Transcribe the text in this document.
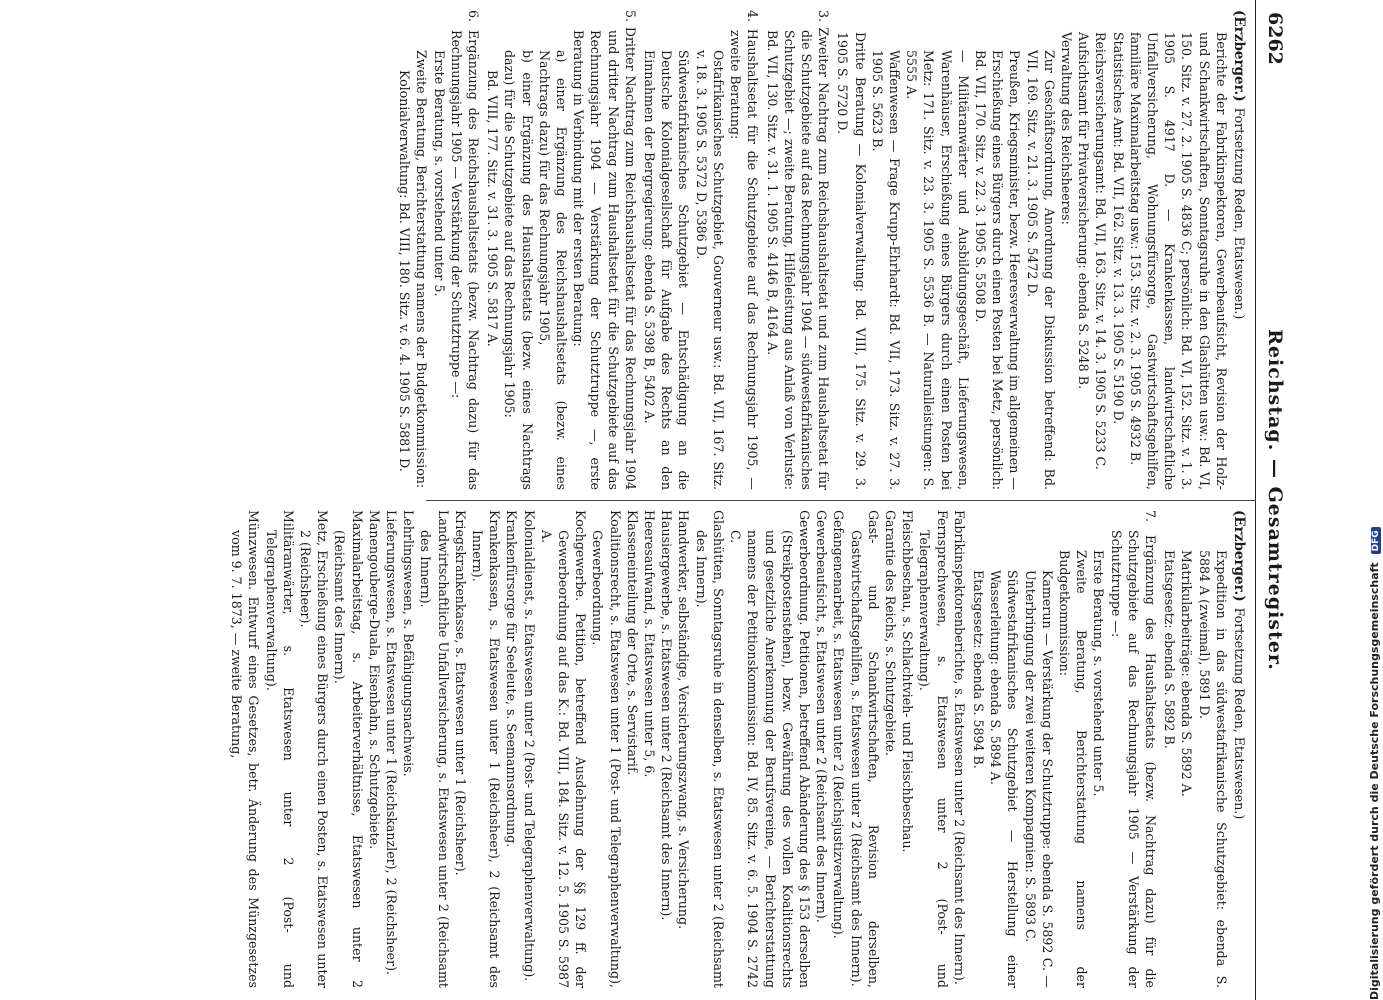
6262
Reichstag. — Gesamtregister.

(Erzberger.)Fortsetzung Reden, Etatswesen.)

Berichte der Fabrikinspektoren, Gewerbeaufsicht, Revision der Holz- und Schankwirtschaften, Sonntagsruhe in den Glashütten usw.: Bd. VI, 150. Sitz. v. 27. 2. 1905 S. 4836 C; persönlich: Bd. VI, 152. Sitz. v. 1. 3. 1905 S. 4917 D. — Krankenkassen, landwirtschaftliche Unfallversicherung, Wohnungsfürsorge, Gastwirtschaftsgehilfen, familiäre Maximalarbeitstag usw.: 153. Sitz. v. 2. 3. 1905 S. 4932 B.

Statistisches Amt: Bd. VII, 162. Sitz. v. 13. 3. 1905 S. 5190 D.

Reichsversicherungsamt: Bd. VII, 163. Sitz. v. 14. 3. 1905 S. 5233 C.

Aufsichtsamt für Privatversicherung: ebenda S. 5248 B.

Verwaltung des Reichsheeres:

Zur Geschäftsordnung, Anordnung der Diskussion betreffend: Bd. VII, 169. Sitz. v. 21. 3. 1905 S. 5472 D.

Preußen, Kriegsminister, bezw. Heeresverwaltung im allgemeinen — Erschießung eines Bürgers durch einen Posten bei Metz, persönlich: Bd. VII, 170. Sitz. v. 22. 3. 1905 S. 5508 D.

— Militäranwärter und Ausbildungsgeschäft, Lieferungswesen, Warenhäuser, Erschießung eines Bürgers durch einen Posten bei Metz: 171. Sitz. v. 23. 3. 1905 S. 5536 B. — Naturalleistungen: S. 5555 A.

Waffenwesen — Frage Krupp-Ehrhardt: Bd. VII, 173. Sitz. v. 27. 3. 1905 S. 5623 B.

Dritte Beratung — Kolonialverwaltung: Bd. VIII, 175. Sitz. v. 29. 3. 1905 S. 5720 D.

3. Zweiter Nachtrag zum Reichshaushaltsetat und zum Haushaltsetat für die Schutzgebiete auf das Rechnungsjahr 1904 — südwestafrikanisches Schutzgebiet —; zweite Beratung, Hilfeleistung aus Anlaß von Verluste: Bd. VII, 130. Sitz. v. 31. 1. 1905 S. 4146 B, 4164 A.

4. Haushaltsetat für die Schutzgebiete auf das Rechnungsjahr 1905, — zweite Beratung:

Ostafrikanisches Schutzgebiet, Gouverneur usw.: Bd. VII, 167. Sitz. v. 18. 3. 1905 S. 5372 D, 5386 D.

Südwestafrikanisches Schutzgebiet — Entschädigung an die Deutsche Kolonialgesellschaft für Aufgabe des Rechts an den Einnahmen der Bergregierung: ebenda S. 5398 B, 5402 A.

5. Dritter Nachtrag zum Reichshaushaltsetat für das Rechnungsjahr 1904 und dritter Nachtrag zum Haushaltsetat für die Schutzgebiete auf das Rechnungsjahr 1904 — Verstärkung der Schutztruppe —, erste Beratung in Verbindung mit der ersten Beratung:

a) einer Ergänzung des Reichshaushaltsetats (bezw. eines Nachtrags dazu) für das Rechnungsjahr 1905,

b) einer Ergänzung des Haushaltsetats (bezw. eines Nachtrags dazu) für die Schutzgebiete auf das Rechnungsjahr 1905:

Bd. VIII, 177. Sitz. v. 31. 3. 1905 S. 5817 A.

6. Ergänzung des Reichshaushaltsetats (bezw. Nachtrag dazu) für das Rechnungsjahr 1905 — Verstärkung der Schutztruppe —:

Erste Beratung, s. vorstehend unter 5.

Zweite Beratung, Berichterstattung namens der Budgetkommission:

Kolonialverwaltung: Bd. VIII, 180. Sitz. v. 6. 4. 1905 S. 5881 D.

(Erzberger.)Fortsetzung Reden, Etatswesen.)

Expedition in das südwestafrikanische Schutzgebiet: ebenda S. 5884 A (zweimal), 5891 D.

Matrikularbeiträge: ebenda S. 5892 A.

Etatsgesetz: ebenda S. 5892 B.

7. Ergänzung des Haushaltsetats (bezw. Nachtrag dazu) für die Schutzgebiete auf das Rechnungsjahr 1905 — Verstärkung der Schutztruppe —:

Erste Beratung, s. vorstehend unter 5.

Zweite Beratung, Berichterstattung namens der Budgetkommission:

Kamerun — Verstärkung der Schutztruppe: ebenda S. 5892 C. — Unterbringung der zwei weiteren Kompagnien: S. 5893 C.

Südwestafrikanisches Schutzgebiet — Herstellung einer Wasserleitung: ebenda S. 5894 A.

Etatsgesetz: ebenda S. 5894 B.

Fabrikinspektorenberichte, s. Etatswesen unter 2 (Reichsamt des Innern).

Fernsprechwesen, s. Etatswesen unter 2 (Post- und Telegraphenverwaltung).

Fleischbeschau, s. Schlachtvieh- und Fleischbeschau.

Garantie des Reichs, s. Schutzgebiete.

Gast- und Schankwirtschaften, Revision derselben, Gastwirtschaftsgehilfen, s. Etatswesen unter 2 (Reichsamt des Innern).

Gefangenenarbeit, s. Etatswesen unter 2 (Reichsjustizverwaltung).

Gewerbeaufsicht, s. Etatswesen unter 2 (Reichsamt des Innern).

Gewerbeordnung. Petitionen, betreffend Abänderung des § 153 derselben (Streikpostenstehen), bezw. Gewährung des vollen Koalitionsrechts und gesetzliche Anerkennung der Berufsvereine, — Berichterstattung namens der Petitionskommission: Bd. IV, 85. Sitz. v. 6. 5. 1904 S. 2742 C.

Glashütten, Sonntagsruhe in denselben, s. Etatswesen unter 2 (Reichsamt des Innern).

Handwerker, selbständige, Versicherungszwang, s. Versicherung.

Hausiergewerbe, s. Etatswesen unter 2 (Reichsamt des Innern).

Heeresaufwand, s. Etatswesen unter 5, 6.

Klasseneinteilung der Orte, s. Servistarif.

Koalitionsrecht, s. Etatswesen unter 1 (Post- und Telegraphenverwaltung), Gewerbeordnung.

Kochgewerbe. Petition, betreffend Ausdehnung der §§ 129 ff. der Gewerbeordnung auf das K.: Bd. VIII, 184. Sitz. v. 12. 5. 1905 S. 5987 A.

Kolonialdienst, s. Etatswesen unter 2 (Post- und Telegraphenverwaltung).

Krankenfürsorge für Seeleute, s. Seemannsordnung.

Krankenkassen, s. Etatswesen unter 1 (Reichsheer), 2 (Reichsamt des Innern).

Kriegskrankenkasse, s. Etatswesen unter 1 (Reichsheer).

Landwirtschaftliche Unfallversicherung, s. Etatswesen unter 2 (Reichsamt des Innern).

Lehrlingswesen, s. Befähigungsnachweis.

Lieferungswesen, s. Etatswesen unter 1 (Reichskanzler), 2 (Reichsheer).

Manengouberge-Duala, Eisenbahn, s. Schutzgebiete.

Maximalarbeitstag, s. Arbeiterverhältnisse, Etatswesen unter 2 (Reichsamt des Innern).

Metz, Erschießung eines Bürgers durch einen Posten, s. Etatswesen unter 2 (Reichsheer).

Militäranwärter, s. Etatswesen unter 2 (Post- und Telegraphenverwaltung).

Münzwesen. Entwurf eines Gesetzes, betr. Änderung des Münzgesetzes vom 9. 7. 1873, — zweite Beratung,	Digitalisierung gefördert durch die Deutsche ForschungsgemeinschaftDFG
